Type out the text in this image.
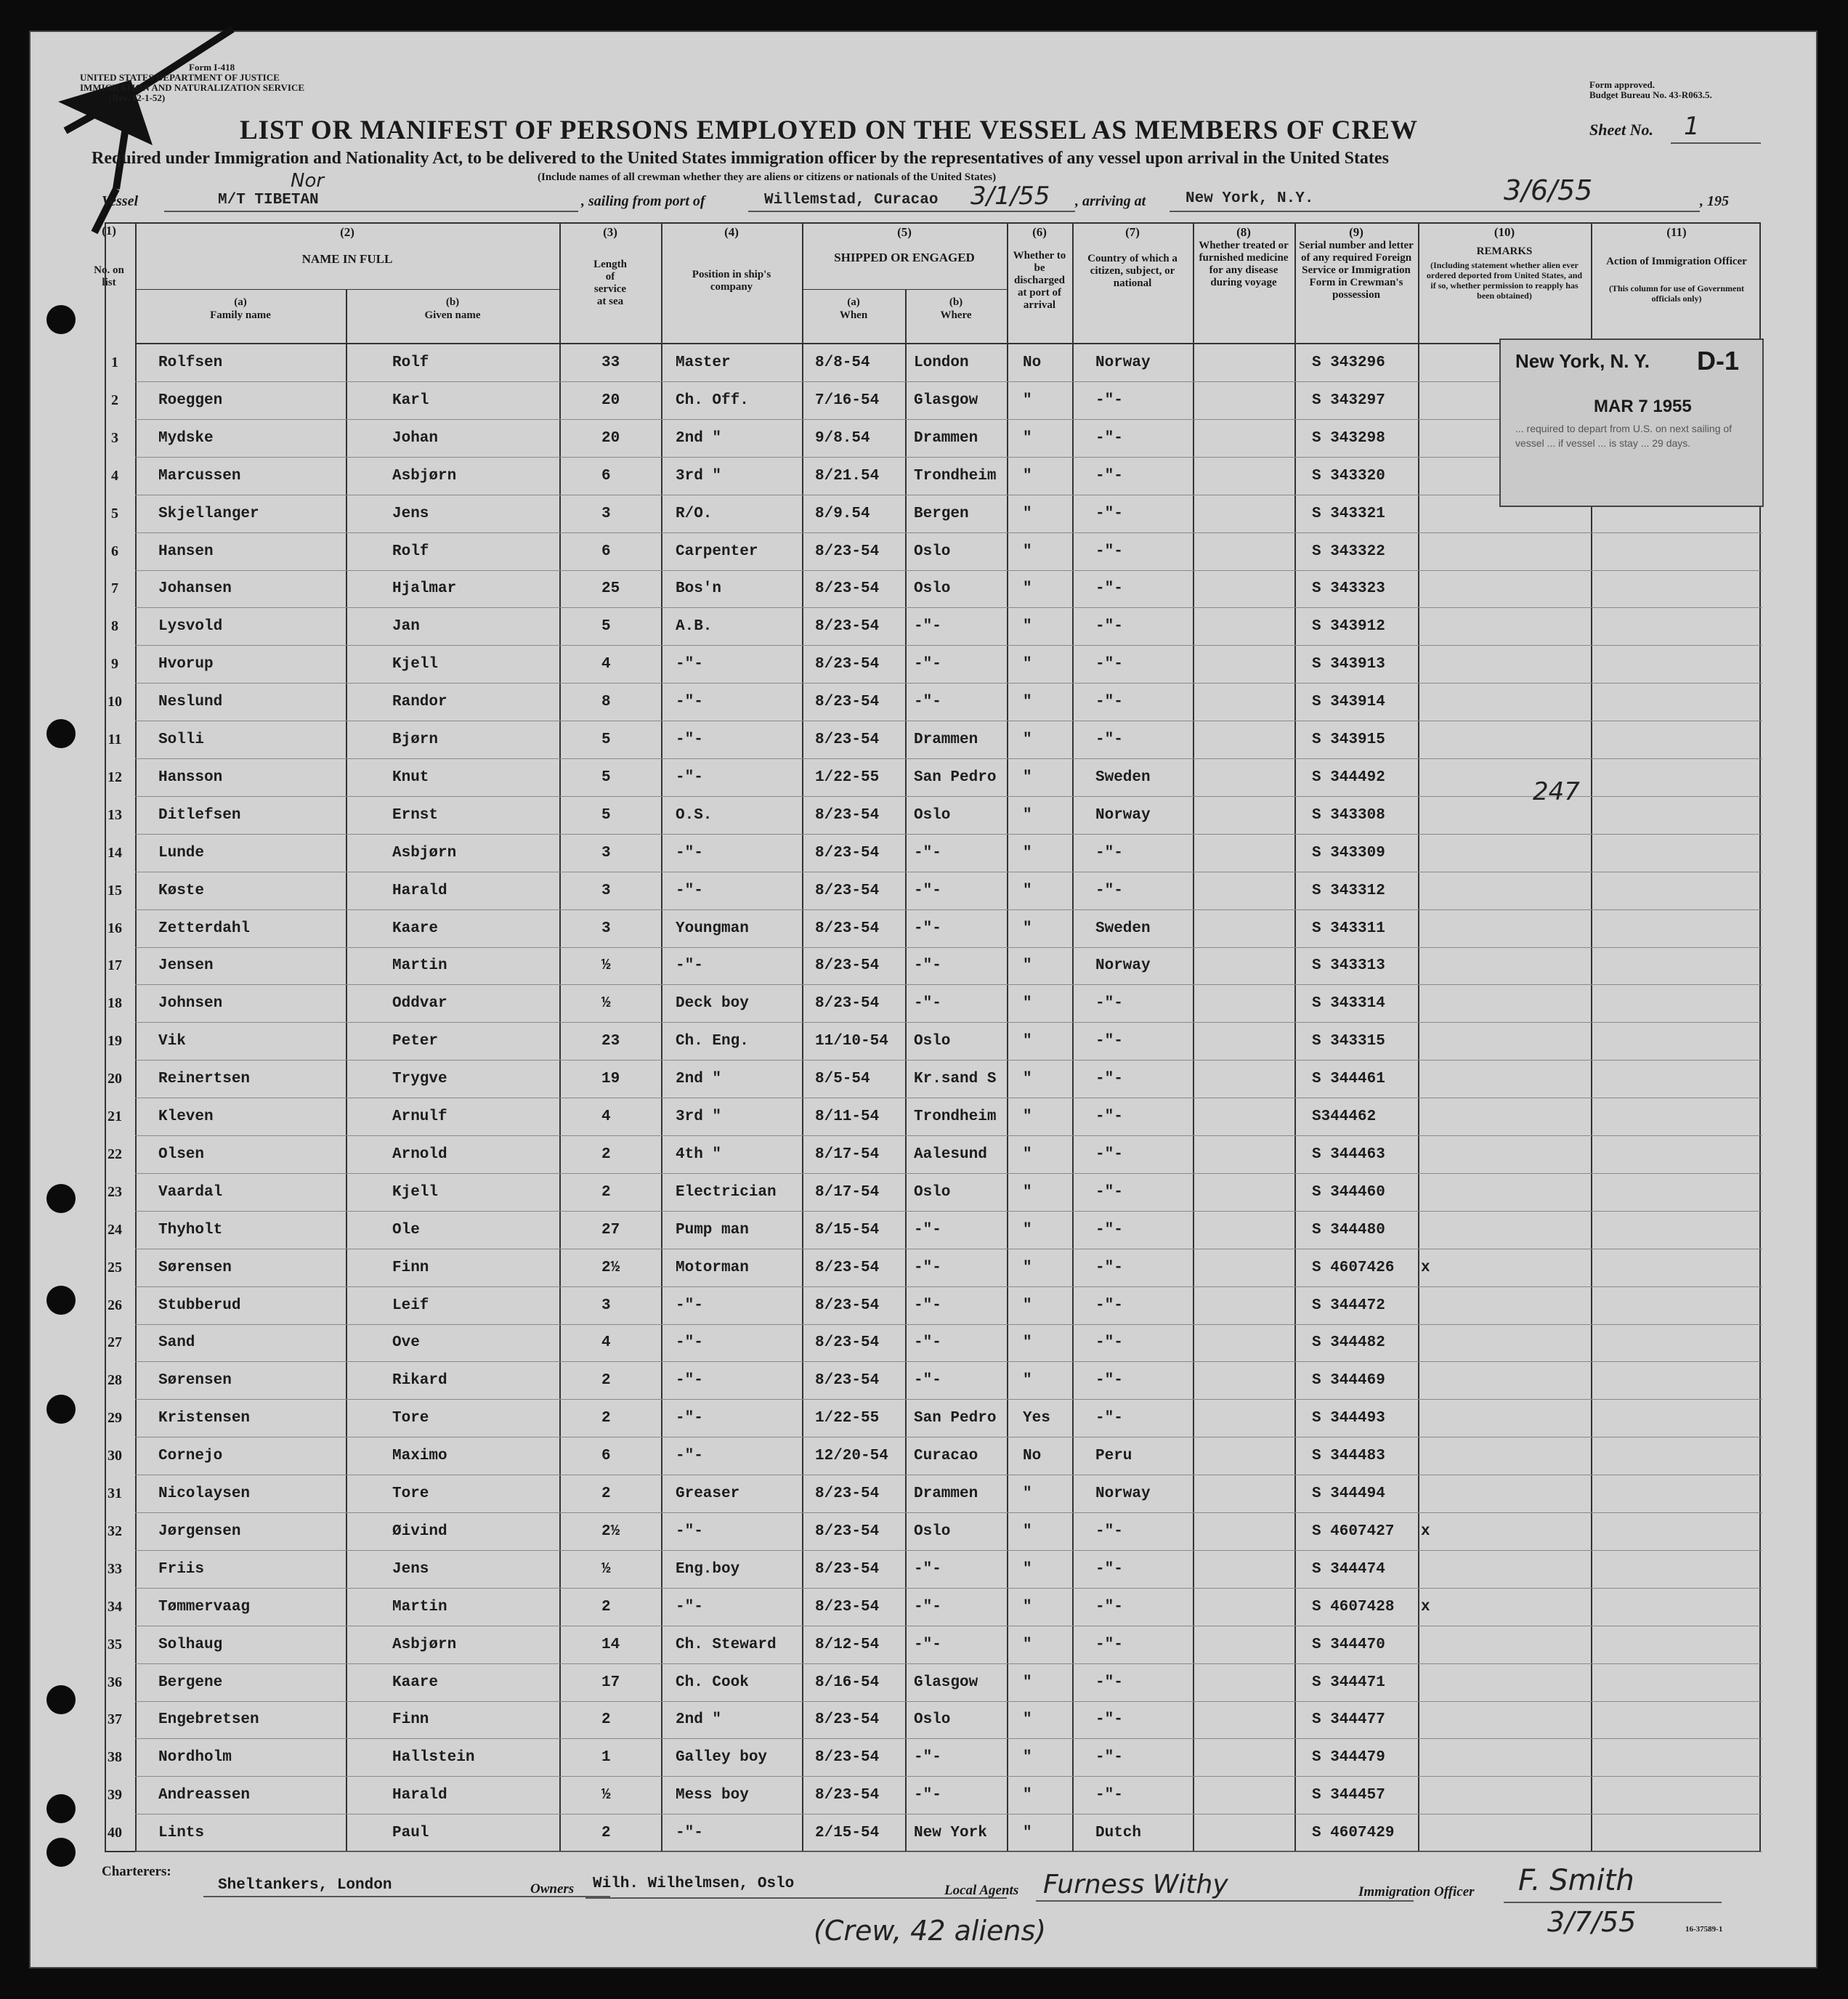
Form I-418
UNITED STATES DEPARTMENT OF JUSTICE
IMMIGRATION AND NATURALIZATION SERVICE
(Rev. 12-1-52)
Form approved.
Budget Bureau No. 43-R063.5.
LIST OR MANIFEST OF PERSONS EMPLOYED ON THE VESSEL AS MEMBERS OF CREW	Sheet No. 1
Required under Immigration and Nationality Act, to be delivered to the United States immigration officer by the representatives of any vessel upon arrival in the United States
(Include names of all crewman whether they are aliens or citizens or nationals of the United States)
Vessel	M/T TIBETAN
Nor
, sailing from port of	Willemstad, Curacao 3/1/55 , arriving at	New York, N.Y.	3/6/55	, 195
(1)
No. on list
(2)
NAME IN FULL
(a)
Family name
(b)
Given name
(3)
Length of service at sea
(4)
Position in ship's company
(5)
SHIPPED OR ENGAGED
(a)
When
(b)
Where
(6)
Whether to be discharged at port of arrival
(7)
Country of which a citizen, subject, or national
(8)
Whether treated or furnished medicine for any disease during voyage
(9)
Serial number and letter of any required Foreign Service or Immigration Form in Crewman's possession
(10)
REMARKS
(Including statement whether alien ever ordered deported from United States, and if so, whether permission to reapply has been obtained)
(11)
Action of Immigration Officer
(This column for use of Government officials only)
1	Rolfsen	Rolf	33	Master	8/8-54	London	No	Norway	S 343296
2	Roeggen	Karl	20	Ch. Off.	7/16-54 Glasgow	"	-"-	S 343297
3	Mydske	Johan	20	2nd "	9/8.54	Drammen	"	-"-	S 343298
4	Marcussen	Asbjørn	6	3rd "	8/21.54 Trondheim "	-"-	S 343320
5	Skjellanger	Jens	3	R/O.	8/9.54	Bergen	"	-"-	S 343321
6	Hansen	Rolf	6	Carpenter	8/23-54 Oslo	"	-"-	S 343322
7	Johansen	Hjalmar	25	Bos'n	8/23-54 Oslo	"	-"-	S 343323
8	Lysvold	Jan	5	A.B.	8/23-54 -"-	"	-"-	S 343912
9	Hvorup	Kjell	4	-"-	8/23-54 -"-	"	-"-	S 343913
10	Neslund	Randor	8	-"-	8/23-54 -"-	"	-"-	S 343914
11	Solli	Bjørn	5	-"-	8/23-54 Drammen	"	-"-	S 343915
12	Hansson	Knut	5	-"-	1/22-55 San Pedro "	Sweden	S 344492
13	Ditlefsen	Ernst	5	O.S.	8/23-54 Oslo	"	Norway	S 343308
14	Lunde	Asbjørn	3	-"-	8/23-54 -"-	"	-"-	S 343309
15	Køste	Harald	3	-"-	8/23-54 -"-	"	-"-	S 343312
16	Zetterdahl	Kaare	3	Youngman	8/23-54 -"-	"	Sweden	S 343311
17	Jensen	Martin	½	-"-	8/23-54 -"-	"	Norway	S 343313
18	Johnsen	Oddvar	½	Deck boy	8/23-54 -"-	"	-"-	S 343314
19	Vik	Peter	23	Ch. Eng.	11/10-54 Oslo	"	-"-	S 343315
20	Reinertsen	Trygve	19	2nd "	8/5-54	Kr.sand S "	-"-	S 344461
21	Kleven	Arnulf	4	3rd "	8/11-54 Trondheim "	-"-	S344462
22	Olsen	Arnold	2	4th "	8/17-54 Aalesund "	-"-	S 344463
23	Vaardal	Kjell	2	Electrician	8/17-54 Oslo	"	-"-	S 344460
24	Thyholt	Ole	27	Pump man	8/15-54 -"-	"	-"-	S 344480
25	Sørensen	Finn	2½	Motorman	8/23-54 -"-	"	-"-	S 4607426 x
26	Stubberud	Leif	3	-"-	8/23-54 -"-	"	-"-	S 344472
27	Sand	Ove	4	-"-	8/23-54 -"-	"	-"-	S 344482
28	Sørensen	Rikard	2	-"-	8/23-54 -"-	"	-"-	S 344469
29	Kristensen	Tore	2	-"-	1/22-55 San Pedro Yes	-"-	S 344493
30	Cornejo	Maximo	6	-"-	12/20-54 Curacao	No	Peru	S 344483
31	Nicolaysen	Tore	2	Greaser	8/23-54 Drammen	"	Norway	S 344494
32	Jørgensen	Øivind	2½	-"-	8/23-54 Oslo	"	-"-	S 4607427 x
33	Friis	Jens	½	Eng.boy	8/23-54 -"-	"	-"-	S 344474
34	Tømmervaag	Martin	2	-"-	8/23-54 -"-	"	-"-	S 4607428 x
35	Solhaug	Asbjørn	14	Ch. Steward	8/12-54 -"-	"	-"-	S 344470
36	Bergene	Kaare	17	Ch. Cook	8/16-54 Glasgow	"	-"-	S 344471
37	Engebretsen	Finn	2	2nd "	8/23-54 Oslo	"	-"-	S 344477
38	Nordholm	Hallstein	1	Galley boy	8/23-54 -"-	"	-"-	S 344479
39	Andreassen	Harald	½	Mess boy	8/23-54 -"-	"	-"-	S 344457
40	Lints	Paul	2	-"-	2/15-54 New York "	Dutch	S 4607429
New York, N. Y. D-1
MAR 7 1955
... required to depart from U.S. on next sailing of vessel ... if vessel ... is stay ... 29 days.
247
Charterers:
Sheltankers, London	Owners Wilh. Wilhelmsen, Oslo	Local Agents Furness Withy	Immigration Officer F. Smith
3/7/55
(Crew, 42 aliens)	16-37589-1
